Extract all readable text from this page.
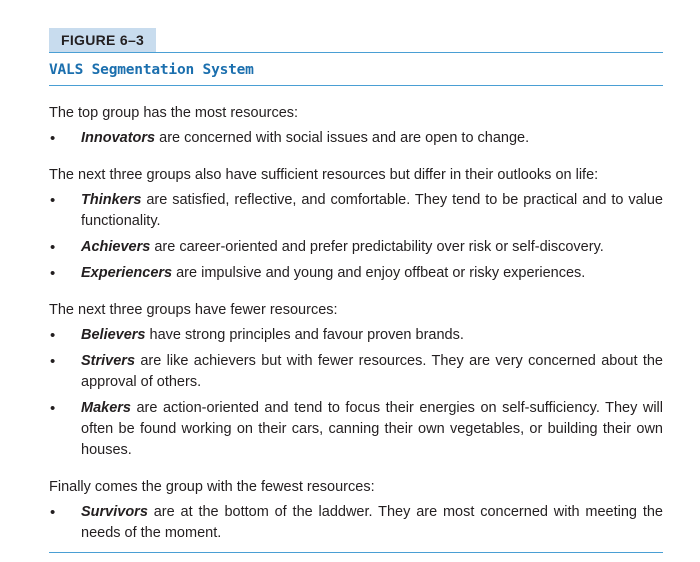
FIGURE 6–3
VALS Segmentation System

The top group has the most resources:

• Innovators are concerned with social issues and are open to change.

The next three groups also have sufficient resources but differ in their outlooks on life:

• Thinkers are satisfied, reflective, and comfortable. They tend to be practical and to value functionality.
• Achievers are career-oriented and prefer predictability over risk or self-discovery.
• Experiencers are impulsive and young and enjoy offbeat or risky experiences.

The next three groups have fewer resources:

• Believers have strong principles and favour proven brands.
• Strivers are like achievers but with fewer resources. They are very concerned about the approval of others.
• Makers are action-oriented and tend to focus their energies on self-sufficiency. They will often be found working on their cars, canning their own vegetables, or building their own houses.

Finally comes the group with the fewest resources:

• Survivors are at the bottom of the laddwer. They are most concerned with meeting the needs of the moment.
